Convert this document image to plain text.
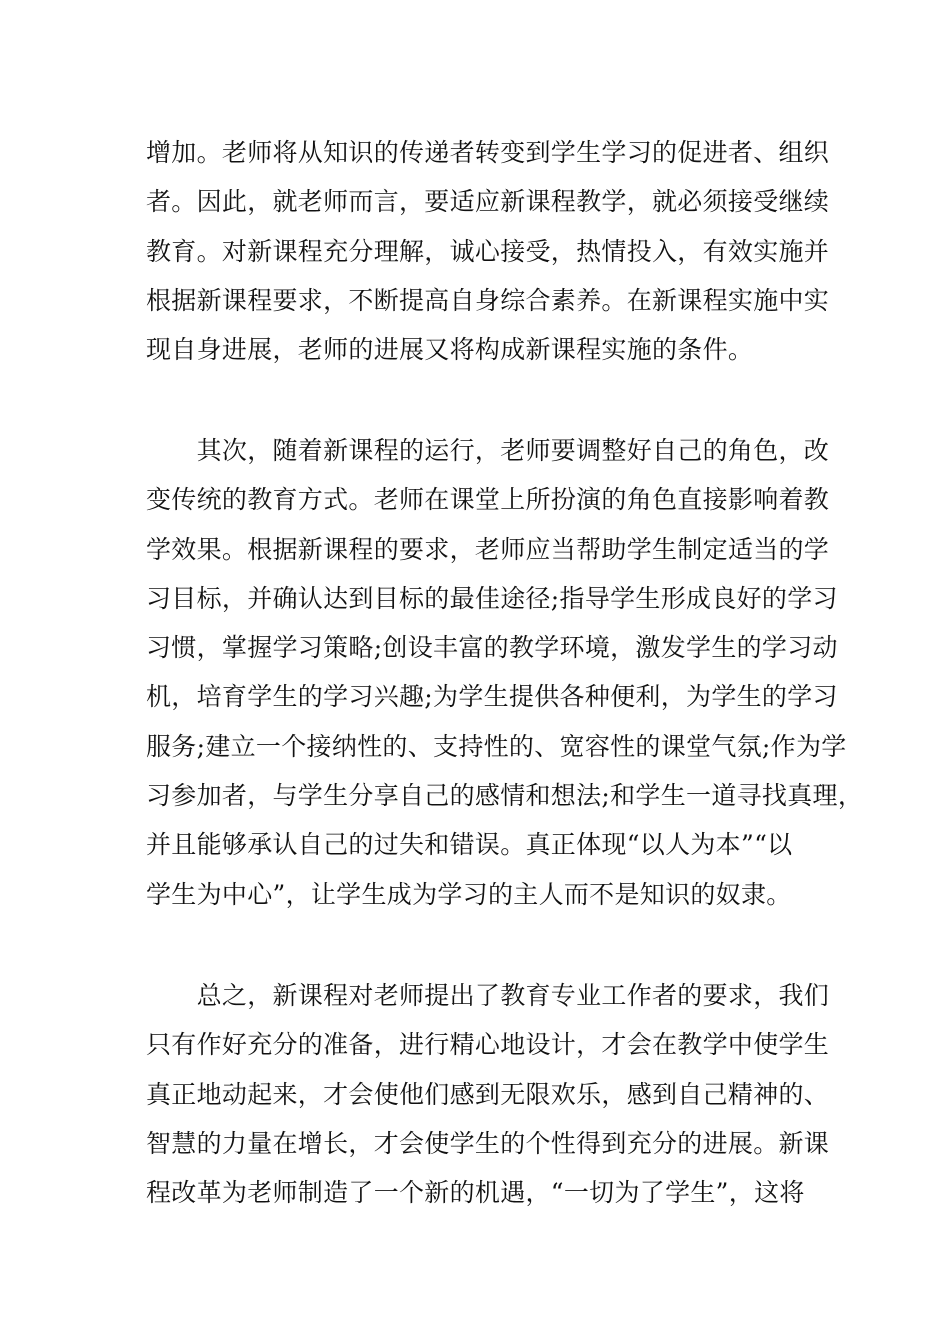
增加。老师将从知识的传递者转变到学生学习的促进者、组织
者。因此，就老师而言，要适应新课程教学，就必须接受继续
教育。对新课程充分理解，诚心接受，热情投入，有效实施并
根据新课程要求，不断提高自身综合素养。在新课程实施中实
现自身进展，老师的进展又将构成新课程实施的条件。
　　其次，随着新课程的运行，老师要调整好自己的角色，改
变传统的教育方式。老师在课堂上所扮演的角色直接影响着教
学效果。根据新课程的要求，老师应当帮助学生制定适当的学
习目标，并确认达到目标的最佳途径;指导学生形成良好的学习
习惯，掌握学习策略;创设丰富的教学环境，激发学生的学习动
机，培育学生的学习兴趣;为学生提供各种便利，为学生的学习
服务;建立一个接纳性的、支持性的、宽容性的课堂气氛;作为学
习参加者，与学生分享自己的感情和想法;和学生一道寻找真理，
并且能够承认自己的过失和错误。真正体现“以人为本”“以
学生为中心”，让学生成为学习的主人而不是知识的奴隶。
　　总之，新课程对老师提出了教育专业工作者的要求，我们
只有作好充分的准备，进行精心地设计，才会在教学中使学生
真正地动起来，才会使他们感到无限欢乐，感到自己精神的、
智慧的力量在增长，才会使学生的个性得到充分的进展。新课
程改革为老师制造了一个新的机遇，“一切为了学生”，这将
